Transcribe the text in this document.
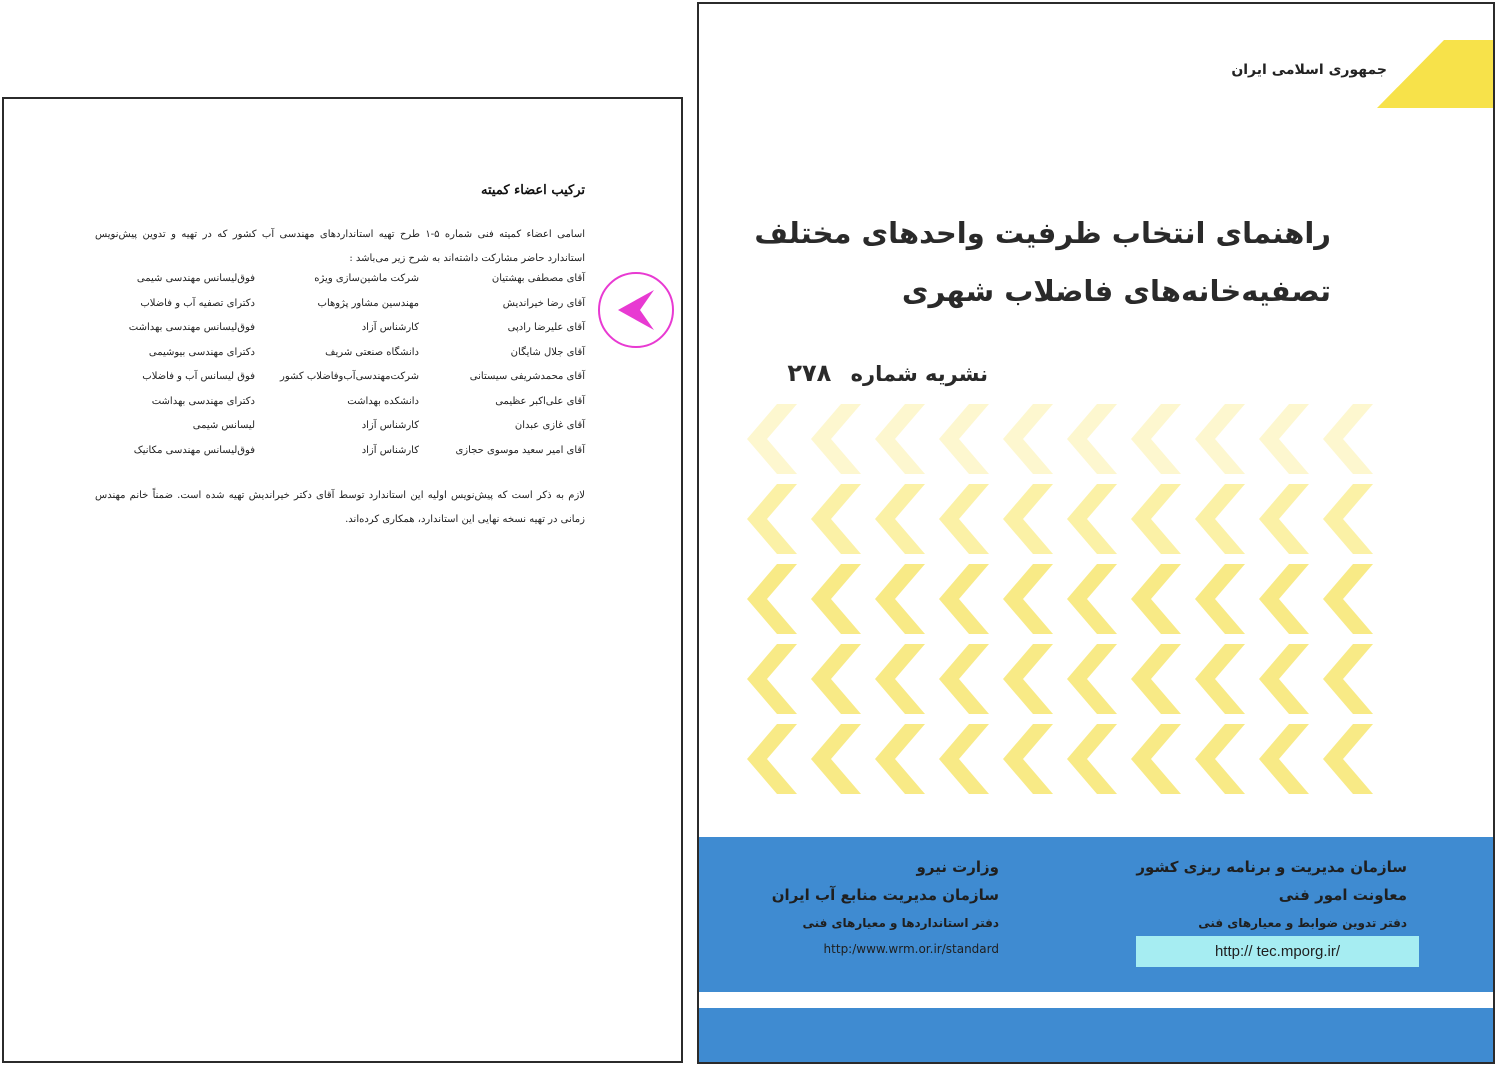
ترکیب اعضاء کمیته
اسامی اعضاء کمیته فنی شماره ۵-۱ طرح تهیه استانداردهای مهندسی آب کشور که در تهیه و تدوین پیش‌نویس استاندارد حاضر مشارکت داشته‌اند به شرح زیر می‌باشد :
آقای مصطفی بهشتیان
شرکت ماشین‌سازی ویژه
فوق‌لیسانس مهندسی شیمی
آقای رضا خیراندیش
مهندسین مشاور پژوهاب
دکترای تصفیه آب و فاضلاب
آقای علیرضا رادپی
کارشناس آزاد
فوق‌لیسانس مهندسی بهداشت
آقای جلال شایگان
دانشگاه صنعتی شریف
دکترای مهندسی بیوشیمی
آقای محمدشریفی سیستانی
شرکت‌مهندسی‌آب‌وفاضلاب کشور
فوق لیسانس آب و فاضلاب
آقای علی‌اکبر عظیمی
دانشکده بهداشت
دکترای مهندسی بهداشت
آقای غازی عبدان
کارشناس آزاد
لیسانس شیمی
آقای امیر سعید موسوی حجازی
کارشناس آزاد
فوق‌لیسانس مهندسی مکانیک
لازم به ذکر است که پیش‌نویس اولیه این استاندارد توسط آقای دکتر خیراندیش تهیه شده است. ضمناً خانم مهندس زمانی در تهیه نسخه نهایی این استاندارد، همکاری کرده‌اند.
جمهوری اسلامی ایران
راهنمای انتخاب ظرفیت واحدهای مختلف
تصفیه‌خانه‌های فاضلاب شهری
نشریه شماره ۲۷۸
سازمان مدیریت و برنامه ریزی کشور
معاونت امور فنی
دفتر تدوین ضوابط و معیارهای فنی
http:// tec.mporg.ir/
وزارت نیرو
سازمان مدیریت منابع آب ایران
دفتر استانداردها و معیارهای فنی
http:/www.wrm.or.ir/standard
